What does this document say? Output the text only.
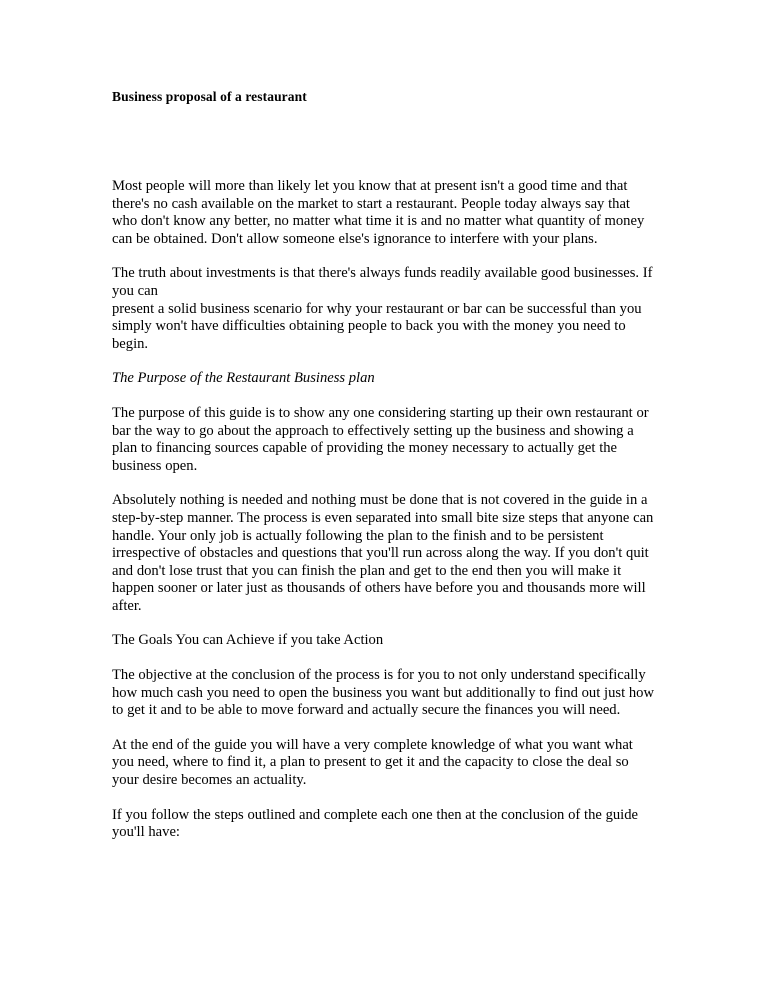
Business proposal of a restaurant

Most people will more than likely let you know that at present isn't a good time and that there's no cash available on the market to start a restaurant. People today always say that who don't know any better, no matter what time it is and no matter what quantity of money can be obtained. Don't allow someone else's ignorance to interfere with your plans.

The truth about investments is that there's always funds readily available good businesses. If you can
present a solid business scenario for why your restaurant or bar can be successful than you simply won't have difficulties obtaining people to back you with the money you need to begin.

The Purpose of the Restaurant Business plan

The purpose of this guide is to show any one considering starting up their own restaurant or bar the way to go about the approach to effectively setting up the business and showing a plan to financing sources capable of providing the money necessary to actually get the business open.

Absolutely nothing is needed and nothing must be done that is not covered in the guide in a step-by-step manner. The process is even separated into small bite size steps that anyone can handle. Your only job is actually following the plan to the finish and to be persistent irrespective of obstacles and questions that you'll run across along the way. If you don't quit and don't lose trust that you can finish the plan and get to the end then you will make it happen sooner or later just as thousands of others have before you and thousands more will after.

The Goals You can Achieve if you take Action

The objective at the conclusion of the process is for you to not only understand specifically how much cash you need to open the business you want but additionally to find out just how to get it and to be able to move forward and actually secure the finances you will need.

At the end of the guide you will have a very complete knowledge of what you want what you need, where to find it, a plan to present to get it and the capacity to close the deal so your desire becomes an actuality.

If you follow the steps outlined and complete each one then at the conclusion of the guide you'll have:
